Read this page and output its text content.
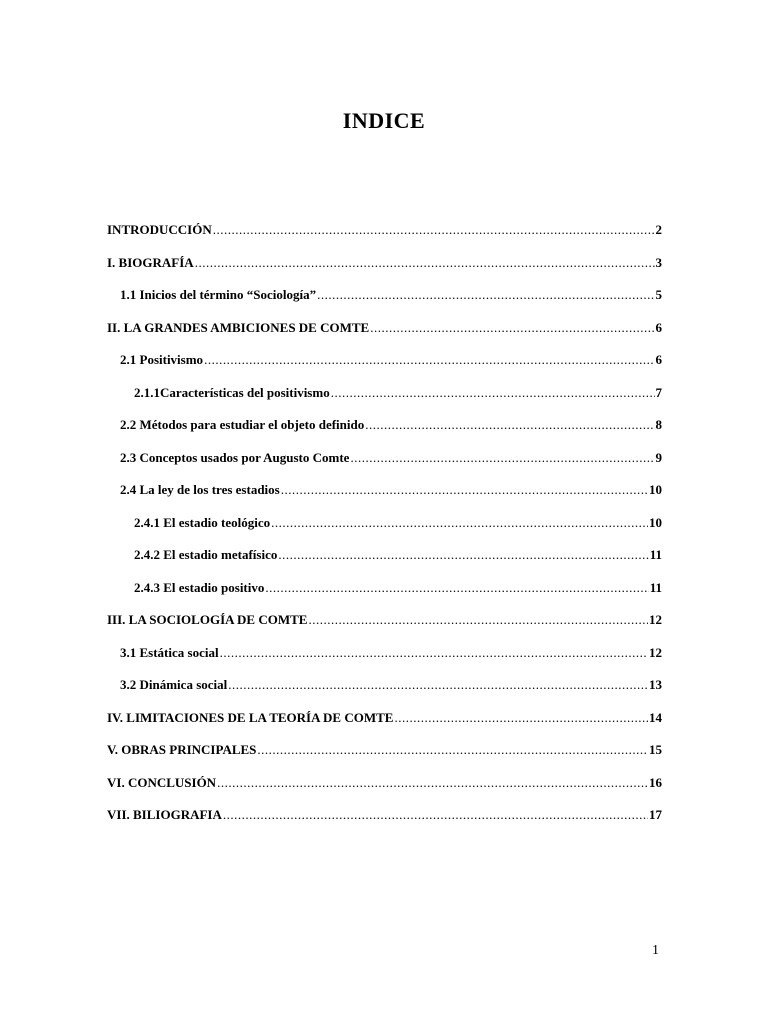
INDICE
INTRODUCCIÓN .....	2
I. BIOGRAFÍA .....	3
1.1 Inicios del término “Sociología” .....	5
II. LA GRANDES AMBICIONES DE COMTE .....	6
2.1 Positivismo .....	6
2.1.1Características del positivismo .....	7
2.2 Métodos para estudiar el objeto definido .....	8
2.3 Conceptos usados por Augusto Comte .....	9
2.4 La ley de los tres estadios .....	10
2.4.1 El estadio teológico .....	10
2.4.2 El estadio metafísico .....	11
2.4.3 El estadio positivo .....	11
III. LA SOCIOLOGÍA DE COMTE .....	12
3.1 Estática social .....	12
3.2 Dinámica social .....	13
IV. LIMITACIONES DE LA TEORÍA DE COMTE .....	14
V. OBRAS PRINCIPALES .....	15
VI. CONCLUSIÓN .....	16
VII. BILIOGRAFIA .....	17
1
